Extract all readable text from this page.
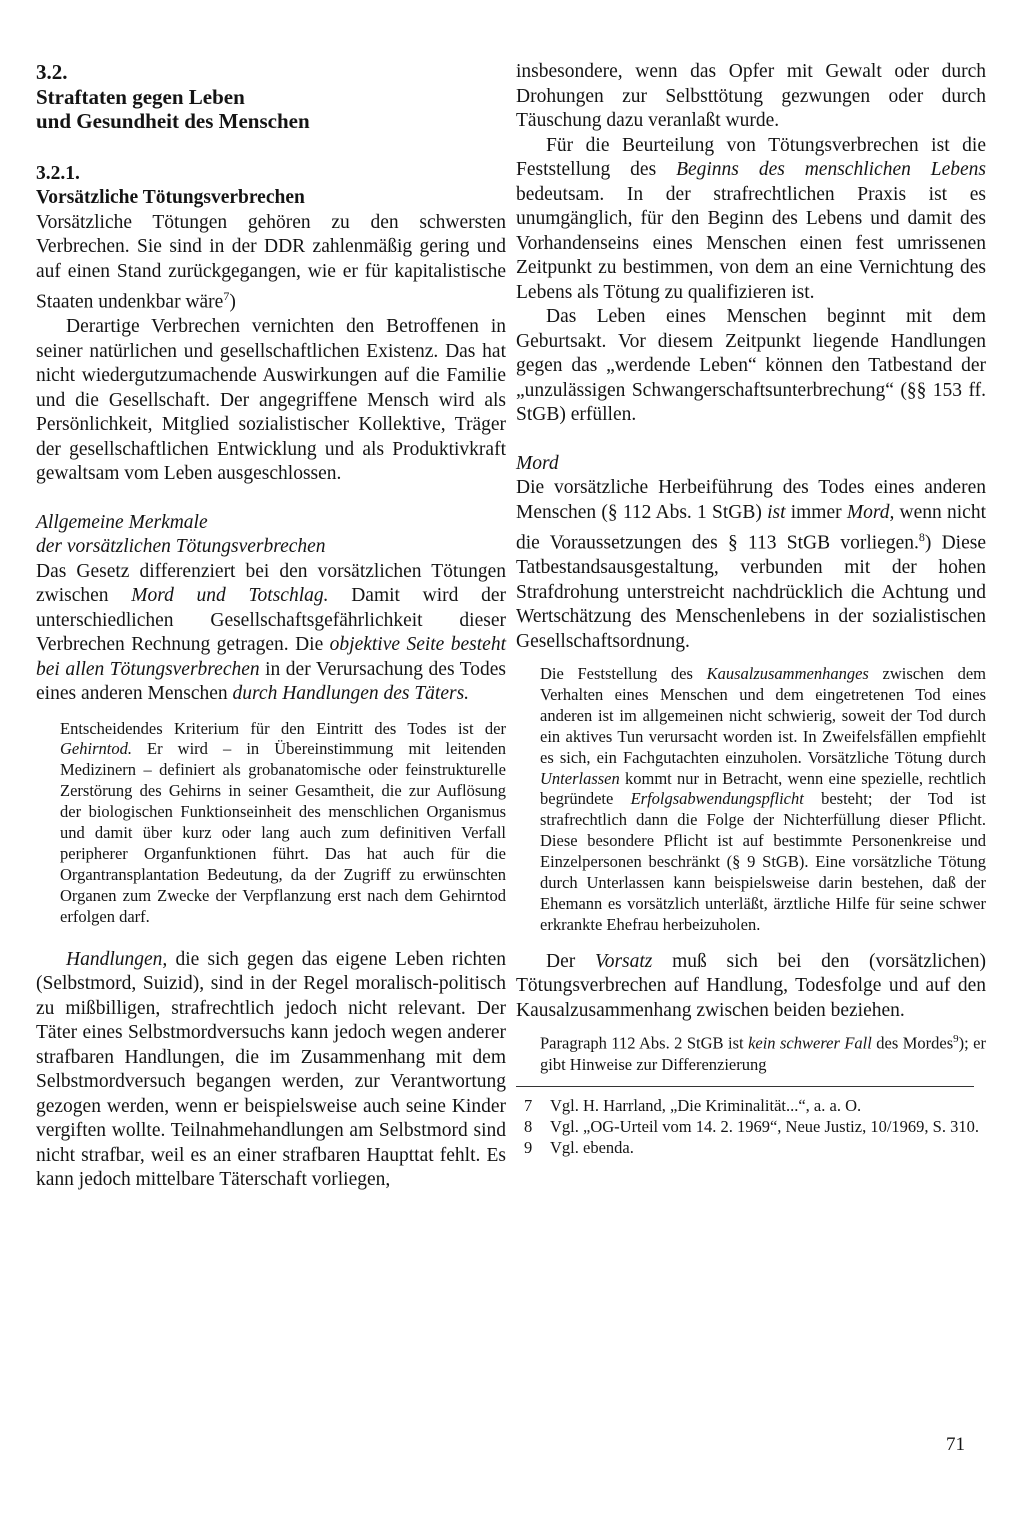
3.2.
Straftaten gegen Leben
und Gesundheit des Menschen
3.2.1.
Vorsätzliche Tötungsverbrechen

Vorsätzliche Tötungen gehören zu den schwersten Verbrechen. Sie sind in der DDR zahlenmäßig gering und auf einen Stand zurückgegangen, wie er für kapitalistische Staaten undenkbar wäre$^7$)

Derartige Verbrechen vernichten den Betroffenen in seiner natürlichen und gesellschaftlichen Existenz. Das hat nicht wiedergutzumachende Auswirkungen auf die Familie und die Gesellschaft. Der angegriffene Mensch wird als Persönlichkeit, Mitglied sozialistischer Kollektive, Träger der gesellschaftlichen Entwicklung und als Produktivkraft gewaltsam vom Leben ausgeschlossen.

Allgemeine Merkmale
der vorsätzlichen Tötungsverbrechen

Das Gesetz differenziert bei den vorsätzlichen Tötungen zwischen Mord und Totschlag. Damit wird der unterschiedlichen Gesellschaftsgefährlichkeit dieser Verbrechen Rechnung getragen. Die objektive Seite besteht bei allen Tötungsverbrechen in der Verursachung des Todes eines anderen Menschen durch Handlungen des Täters.

Entscheidendes Kriterium für den Eintritt des Todes ist der Gehirntod. Er wird – in Übereinstimmung mit leitenden Medizinern – definiert als grobanatomische oder feinstrukturelle Zerstörung des Gehirns in seiner Gesamtheit, die zur Auflösung der biologischen Funktionseinheit des menschlichen Organismus und damit über kurz oder lang auch zum definitiven Verfall peripherer Organfunktionen führt. Das hat auch für die Organtransplantation Bedeutung, da der Zugriff zu erwünschten Organen zum Zwecke der Verpflanzung erst nach dem Gehirntod erfolgen darf.

Handlungen, die sich gegen das eigene Leben richten (Selbstmord, Suizid), sind in der Regel moralisch-politisch zu mißbilligen, strafrechtlich jedoch nicht relevant. Der Täter eines Selbstmordversuchs kann jedoch wegen anderer strafbaren Handlungen, die im Zusammenhang mit dem Selbstmordversuch begangen werden, zur Verantwortung gezogen werden, wenn er beispielsweise auch seine Kinder vergiften wollte. Teilnahmehandlungen am Selbstmord sind nicht strafbar, weil es an einer strafbaren Haupttat fehlt. Es kann jedoch mittelbare Täterschaft vorliegen,

insbesondere, wenn das Opfer mit Gewalt oder durch Drohungen zur Selbsttötung gezwungen oder durch Täuschung dazu veranlaßt wurde.

Für die Beurteilung von Tötungsverbrechen ist die Feststellung des Beginns des menschlichen Lebens bedeutsam. In der strafrechtlichen Praxis ist es unumgänglich, für den Beginn des Lebens und damit des Vorhandenseins eines Menschen einen fest umrissenen Zeitpunkt zu bestimmen, von dem an eine Vernichtung des Lebens als Tötung zu qualifizieren ist.

Das Leben eines Menschen beginnt mit dem Geburtsakt. Vor diesem Zeitpunkt liegende Handlungen gegen das „werdende Leben“ können den Tatbestand der „unzulässigen Schwangerschaftsunterbrechung“ (§§ 153 ff. StGB) erfüllen.

Mord

Die vorsätzliche Herbeiführung des Todes eines anderen Menschen (§ 112 Abs. 1 StGB) ist immer Mord, wenn nicht die Voraussetzungen des § 113 StGB vorliegen.$^8$) Diese Tatbestandsausgestaltung, verbunden mit der hohen Strafdrohung unterstreicht nachdrücklich die Achtung und Wertschätzung des Menschenlebens in der sozialistischen Gesellschaftsordnung.

Die Feststellung des Kausalzusammenhanges zwischen dem Verhalten eines Menschen und dem eingetretenen Tod eines anderen ist im allgemeinen nicht schwierig, soweit der Tod durch ein aktives Tun verursacht worden ist. In Zweifelsfällen empfiehlt es sich, ein Fachgutachten einzuholen. Vorsätzliche Tötung durch Unterlassen kommt nur in Betracht, wenn eine spezielle, rechtlich begründete Erfolgsabwendungspflicht besteht; der Tod ist strafrechtlich dann die Folge der Nichterfüllung dieser Pflicht. Diese besondere Pflicht ist auf bestimmte Personenkreise und Einzelpersonen beschränkt (§ 9 StGB). Eine vorsätzliche Tötung durch Unterlassen kann beispielsweise darin bestehen, daß der Ehemann es vorsätzlich unterläßt, ärztliche Hilfe für seine schwer erkrankte Ehefrau herbeizuholen.

Der Vorsatz muß sich bei den (vorsätzlichen) Tötungsverbrechen auf Handlung, Todesfolge und auf den Kausalzusammenhang zwischen beiden beziehen.

Paragraph 112 Abs. 2 StGB ist kein schwerer Fall des Mordes$^9$); er gibt Hinweise zur Differenzierung

7	Vgl. H. Harrland, „Die Kriminalität...“, a. a. O.
8	Vgl. „OG-Urteil vom 14. 2. 1969“, Neue Justiz, 10/1969, S. 310.
9	Vgl. ebenda.
71
